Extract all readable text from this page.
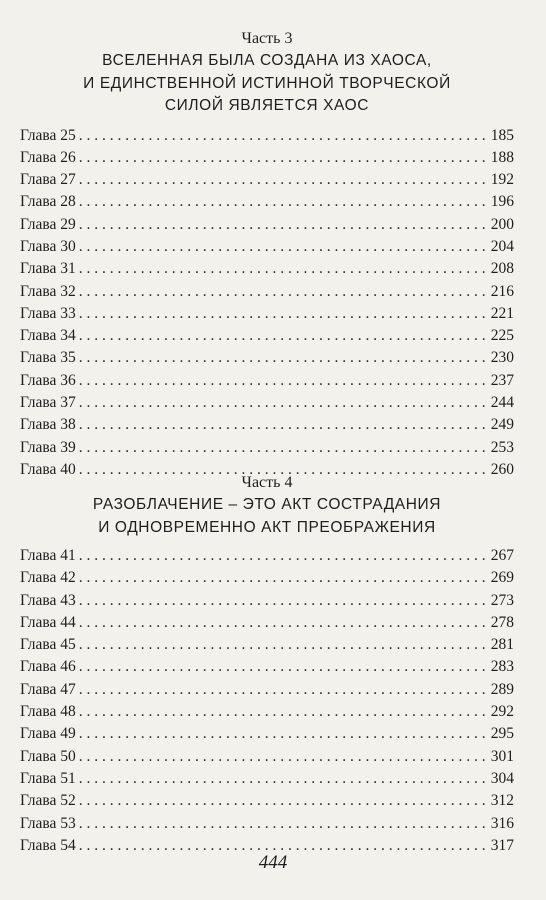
Часть 3

ВСЕЛЕННАЯ БЫЛА СОЗДАНА ИЗ ХАОСА,

И ЕДИНСТВЕННОЙ ИСТИННОЙ ТВОРЧЕСКОЙ

СИЛОЙ ЯВЛЯЕТСЯ ХАОС

Глава 25 . . .	185
Глава 26 . . .	188
Глава 27 . . .	192
Глава 28 . . .	196
Глава 29 . . .	200
Глава 30 . . .	204
Глава 31 . . .	208
Глава 32 . . .	216
Глава 33 . . .	221
Глава 34 . . .	225
Глава 35 . . .	230
Глава 36 . . .	237
Глава 37 . . .	244
Глава 38 . . .	249
Глава 39 . . .	253
Глава 40 . . .	260

Часть 4

РАЗОБЛАЧЕНИЕ – ЭТО АКТ СОСТРАДАНИЯ

И ОДНОВРЕМЕННО АКТ ПРЕОБРАЖЕНИЯ

Глава 41 . . .	267
Глава 42 . . .	269
Глава 43 . . .	273
Глава 44 . . .	278
Глава 45 . . .	281
Глава 46 . . .	283
Глава 47 . . .	289
Глава 48 . . .	292
Глава 49 . . .	295
Глава 50 . . .	301
Глава 51 . . .	304
Глава 52 . . .	312
Глава 53 . . .	316
Глава 54 . . .	317
444
